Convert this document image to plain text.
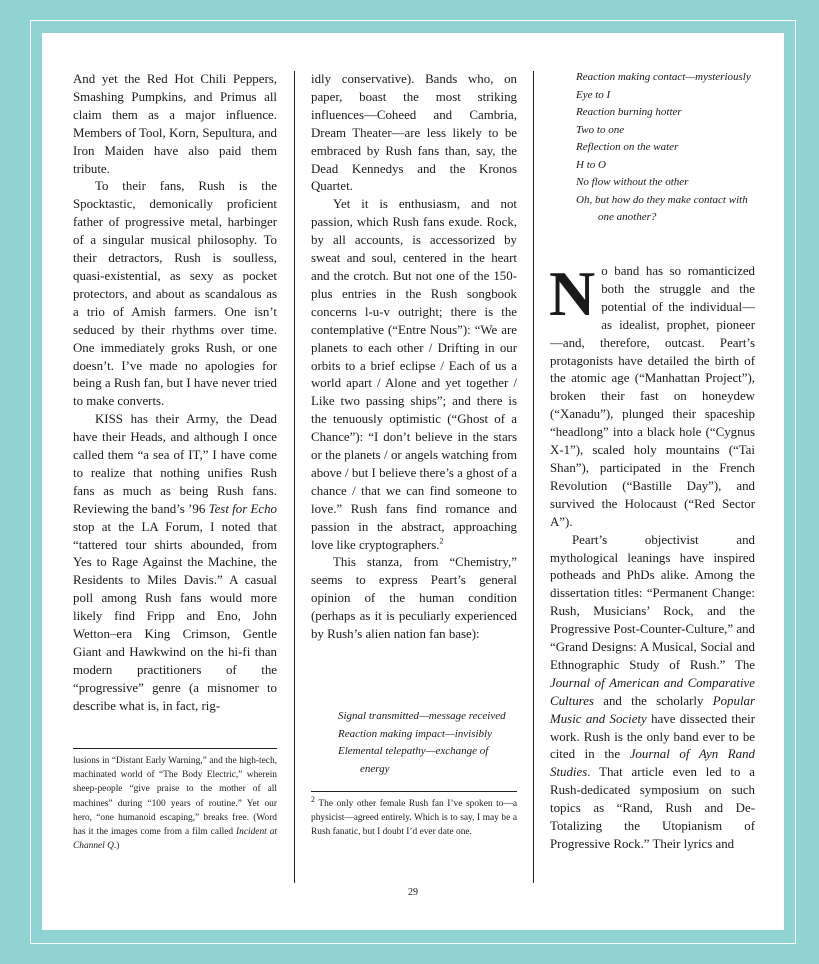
And yet the Red Hot Chili Peppers, Smashing Pumpkins, and Primus all claim them as a major influence. Members of Tool, Korn, Sepultura, and Iron Maiden have also paid them tribute.

To their fans, Rush is the Spocktastic, demonically proficient father of progressive metal, harbinger of a singular musical philosophy. To their detractors, Rush is soulless, quasi-existential, as sexy as pocket protectors, and about as scandalous as a trio of Amish farmers. One isn’t seduced by their rhythms over time. One immediately groks Rush, or one doesn’t. I’ve made no apologies for being a Rush fan, but I have never tried to make converts.

KISS has their Army, the Dead have their Heads, and although I once called them “a sea of IT,” I have come to realize that nothing unifies Rush fans as much as being Rush fans. Reviewing the band’s ’96 Test for Echo stop at the LA Forum, I noted that “tattered tour shirts abounded, from Yes to Rage Against the Machine, the Residents to Miles Davis.” A casual poll among Rush fans would more likely find Fripp and Eno, John Wetton–era King Crimson, Gentle Giant and Hawkwind on the hi-fi than modern practitioners of the “progressive” genre (a misnomer to describe what is, in fact, rig-

lusions in “Distant Early Warning,” and the high-tech, machinated world of “The Body Electric,” wherein sheep-people “give praise to the mother of all machines” during “100 years of routine.” Yet our hero, “one humanoid escaping,” breaks free. (Word has it the images come from a film called Incident at Channel Q.)

idly conservative). Bands who, on paper, boast the most striking influences—Coheed and Cambria, Dream Theater—are less likely to be embraced by Rush fans than, say, the Dead Kennedys and the Kronos Quartet.

Yet it is enthusiasm, and not passion, which Rush fans exude. Rock, by all accounts, is accessorized by sweat and soul, centered in the heart and the crotch. But not one of the 150-plus entries in the Rush songbook concerns l-u-v outright; there is the contemplative (“Entre Nous”): “We are planets to each other / Drifting in our orbits to a brief eclipse / Each of us a world apart / Alone and yet together / Like two passing ships”; and there is the tenuously optimistic (“Ghost of a Chance”): “I don’t believe in the stars or the planets / or angels watching from above / but I believe there’s a ghost of a chance / that we can find someone to love.” Rush fans find romance and passion in the abstract, approaching love like cryptographers.$^2$

This stanza, from “Chemistry,” seems to express Peart’s general opinion of the human condition (perhaps as it is peculiarly experienced by Rush’s alien nation fan base):

Signal transmitted—message received
Reaction making impact—invisibly
Elemental telepathy—exchange of energy

$^2$ The only other female Rush fan I’ve spoken to—a physicist—agreed entirely. Which is to say, I may be a Rush fanatic, but I doubt I’d ever date one.

Reaction making contact—mysteriously
Eye to I
Reaction burning hotter
Two to one
Reflection on the water
H to O
No flow without the other
Oh, but how do they make contact with one another?

No band has so romanticized both the struggle and the potential of the individual—as idealist, prophet, pioneer—and, therefore, outcast. Peart’s protagonists have detailed the birth of the atomic age (“Manhattan Project”), broken their fast on honeydew (“Xanadu”), plunged their spaceship “headlong” into a black hole (“Cygnus X-1”), scaled holy mountains (“Tai Shan”), participated in the French Revolution (“Bastille Day”), and survived the Holocaust (“Red Sector A”).

Peart’s objectivist and mythological leanings have inspired potheads and PhDs alike. Among the dissertation titles: “Permanent Change: Rush, Musicians’ Rock, and the Progressive Post-Counter-Culture,” and “Grand Designs: A Musical, Social and Ethnographic Study of Rush.” The Journal of American and Comparative Cultures and the scholarly Popular Music and Society have dissected their work. Rush is the only band ever to be cited in the Journal of Ayn Rand Studies. That article even led to a Rush-dedicated symposium on such topics as “Rand, Rush and De-Totalizing the Utopianism of Progressive Rock.” Their lyrics and

29
